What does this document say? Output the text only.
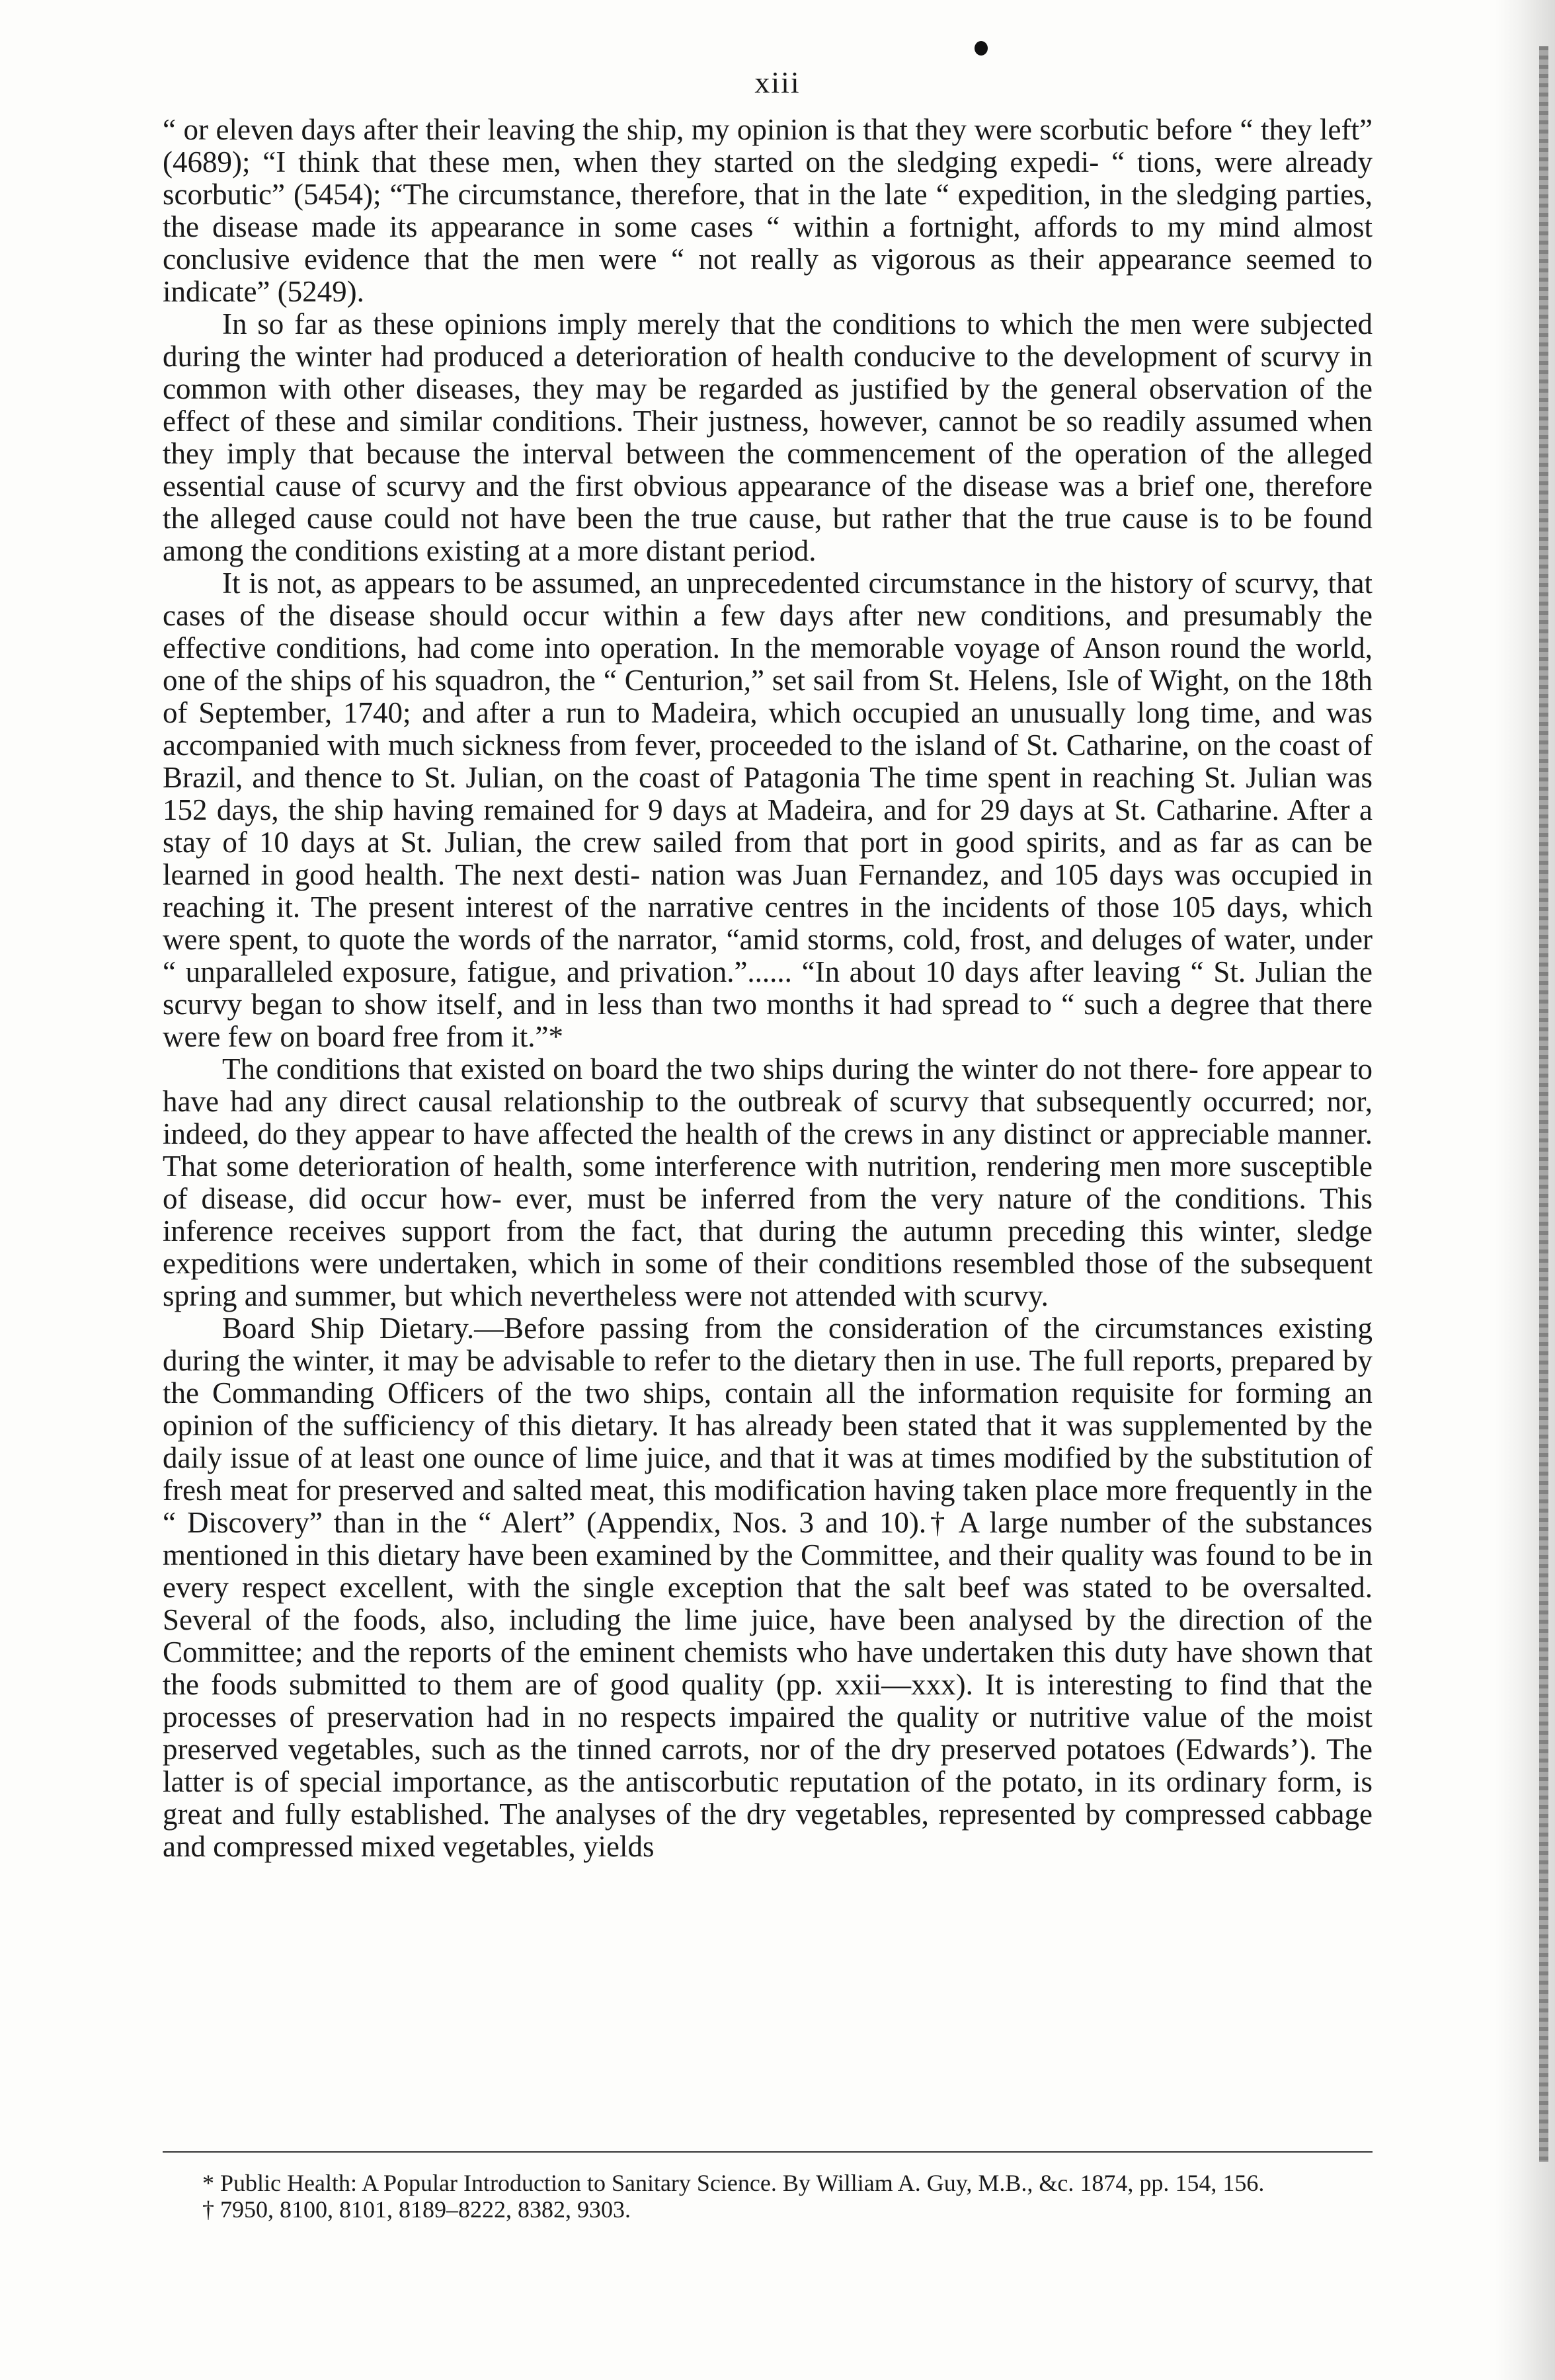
xiii

“ or eleven days after their leaving the ship, my opinion is that they were scorbutic before “ they left” (4689); “I think that these men, when they started on the sledging expedi- “ tions, were already scorbutic” (5454); “The circumstance, therefore, that in the late “ expedition, in the sledging parties, the disease made its appearance in some cases “ within a fortnight, affords to my mind almost conclusive evidence that the men were “ not really as vigorous as their appearance seemed to indicate” (5249).

In so far as these opinions imply merely that the conditions to which the men were subjected during the winter had produced a deterioration of health conducive to the development of scurvy in common with other diseases, they may be regarded as justified by the general observation of the effect of these and similar conditions. Their justness, however, cannot be so readily assumed when they imply that because the interval between the commencement of the operation of the alleged essential cause of scurvy and the first obvious appearance of the disease was a brief one, therefore the alleged cause could not have been the true cause, but rather that the true cause is to be found among the conditions existing at a more distant period.

It is not, as appears to be assumed, an unprecedented circumstance in the history of scurvy, that cases of the disease should occur within a few days after new conditions, and presumably the effective conditions, had come into operation. In the memorable voyage of Anson round the world, one of the ships of his squadron, the “ Centurion,” set sail from St. Helens, Isle of Wight, on the 18th of September, 1740; and after a run to Madeira, which occupied an unusually long time, and was accompanied with much sickness from fever, proceeded to the island of St. Catharine, on the coast of Brazil, and thence to St. Julian, on the coast of Patagonia The time spent in reaching St. Julian was 152 days, the ship having remained for 9 days at Madeira, and for 29 days at St. Catharine. After a stay of 10 days at St. Julian, the crew sailed from that port in good spirits, and as far as can be learned in good health. The next desti- nation was Juan Fernandez, and 105 days was occupied in reaching it. The present interest of the narrative centres in the incidents of those 105 days, which were spent, to quote the words of the narrator, “amid storms, cold, frost, and deluges of water, under “ unparalleled exposure, fatigue, and privation.”...... “In about 10 days after leaving “ St. Julian the scurvy began to show itself, and in less than two months it had spread to “ such a degree that there were few on board free from it.”*

The conditions that existed on board the two ships during the winter do not there- fore appear to have had any direct causal relationship to the outbreak of scurvy that subsequently occurred; nor, indeed, do they appear to have affected the health of the crews in any distinct or appreciable manner. That some deterioration of health, some interference with nutrition, rendering men more susceptible of disease, did occur how- ever, must be inferred from the very nature of the conditions. This inference receives support from the fact, that during the autumn preceding this winter, sledge expeditions were undertaken, which in some of their conditions resembled those of the subsequent spring and summer, but which nevertheless were not attended with scurvy.

Board Ship Dietary.—Before passing from the consideration of the circumstances existing during the winter, it may be advisable to refer to the dietary then in use. The full reports, prepared by the Commanding Officers of the two ships, contain all the information requisite for forming an opinion of the sufficiency of this dietary. It has already been stated that it was supplemented by the daily issue of at least one ounce of lime juice, and that it was at times modified by the substitution of fresh meat for preserved and salted meat, this modification having taken place more frequently in the “ Discovery” than in the “ Alert” (Appendix, Nos. 3 and 10).† A large number of the substances mentioned in this dietary have been examined by the Committee, and their quality was found to be in every respect excellent, with the single exception that the salt beef was stated to be oversalted. Several of the foods, also, including the lime juice, have been analysed by the direction of the Committee; and the reports of the eminent chemists who have undertaken this duty have shown that the foods submitted to them are of good quality (pp. xxii—xxx). It is interesting to find that the processes of preservation had in no respects impaired the quality or nutritive value of the moist preserved vegetables, such as the tinned carrots, nor of the dry preserved potatoes (Edwards’). The latter is of special importance, as the antiscorbutic reputation of the potato, in its ordinary form, is great and fully established. The analyses of the dry vegetables, represented by compressed cabbage and compressed mixed vegetables, yields

* Public Health: A Popular Introduction to Sanitary Science. By William A. Guy, M.B., &c. 1874, pp. 154, 156.

† 7950, 8100, 8101, 8189–8222, 8382, 9303.
